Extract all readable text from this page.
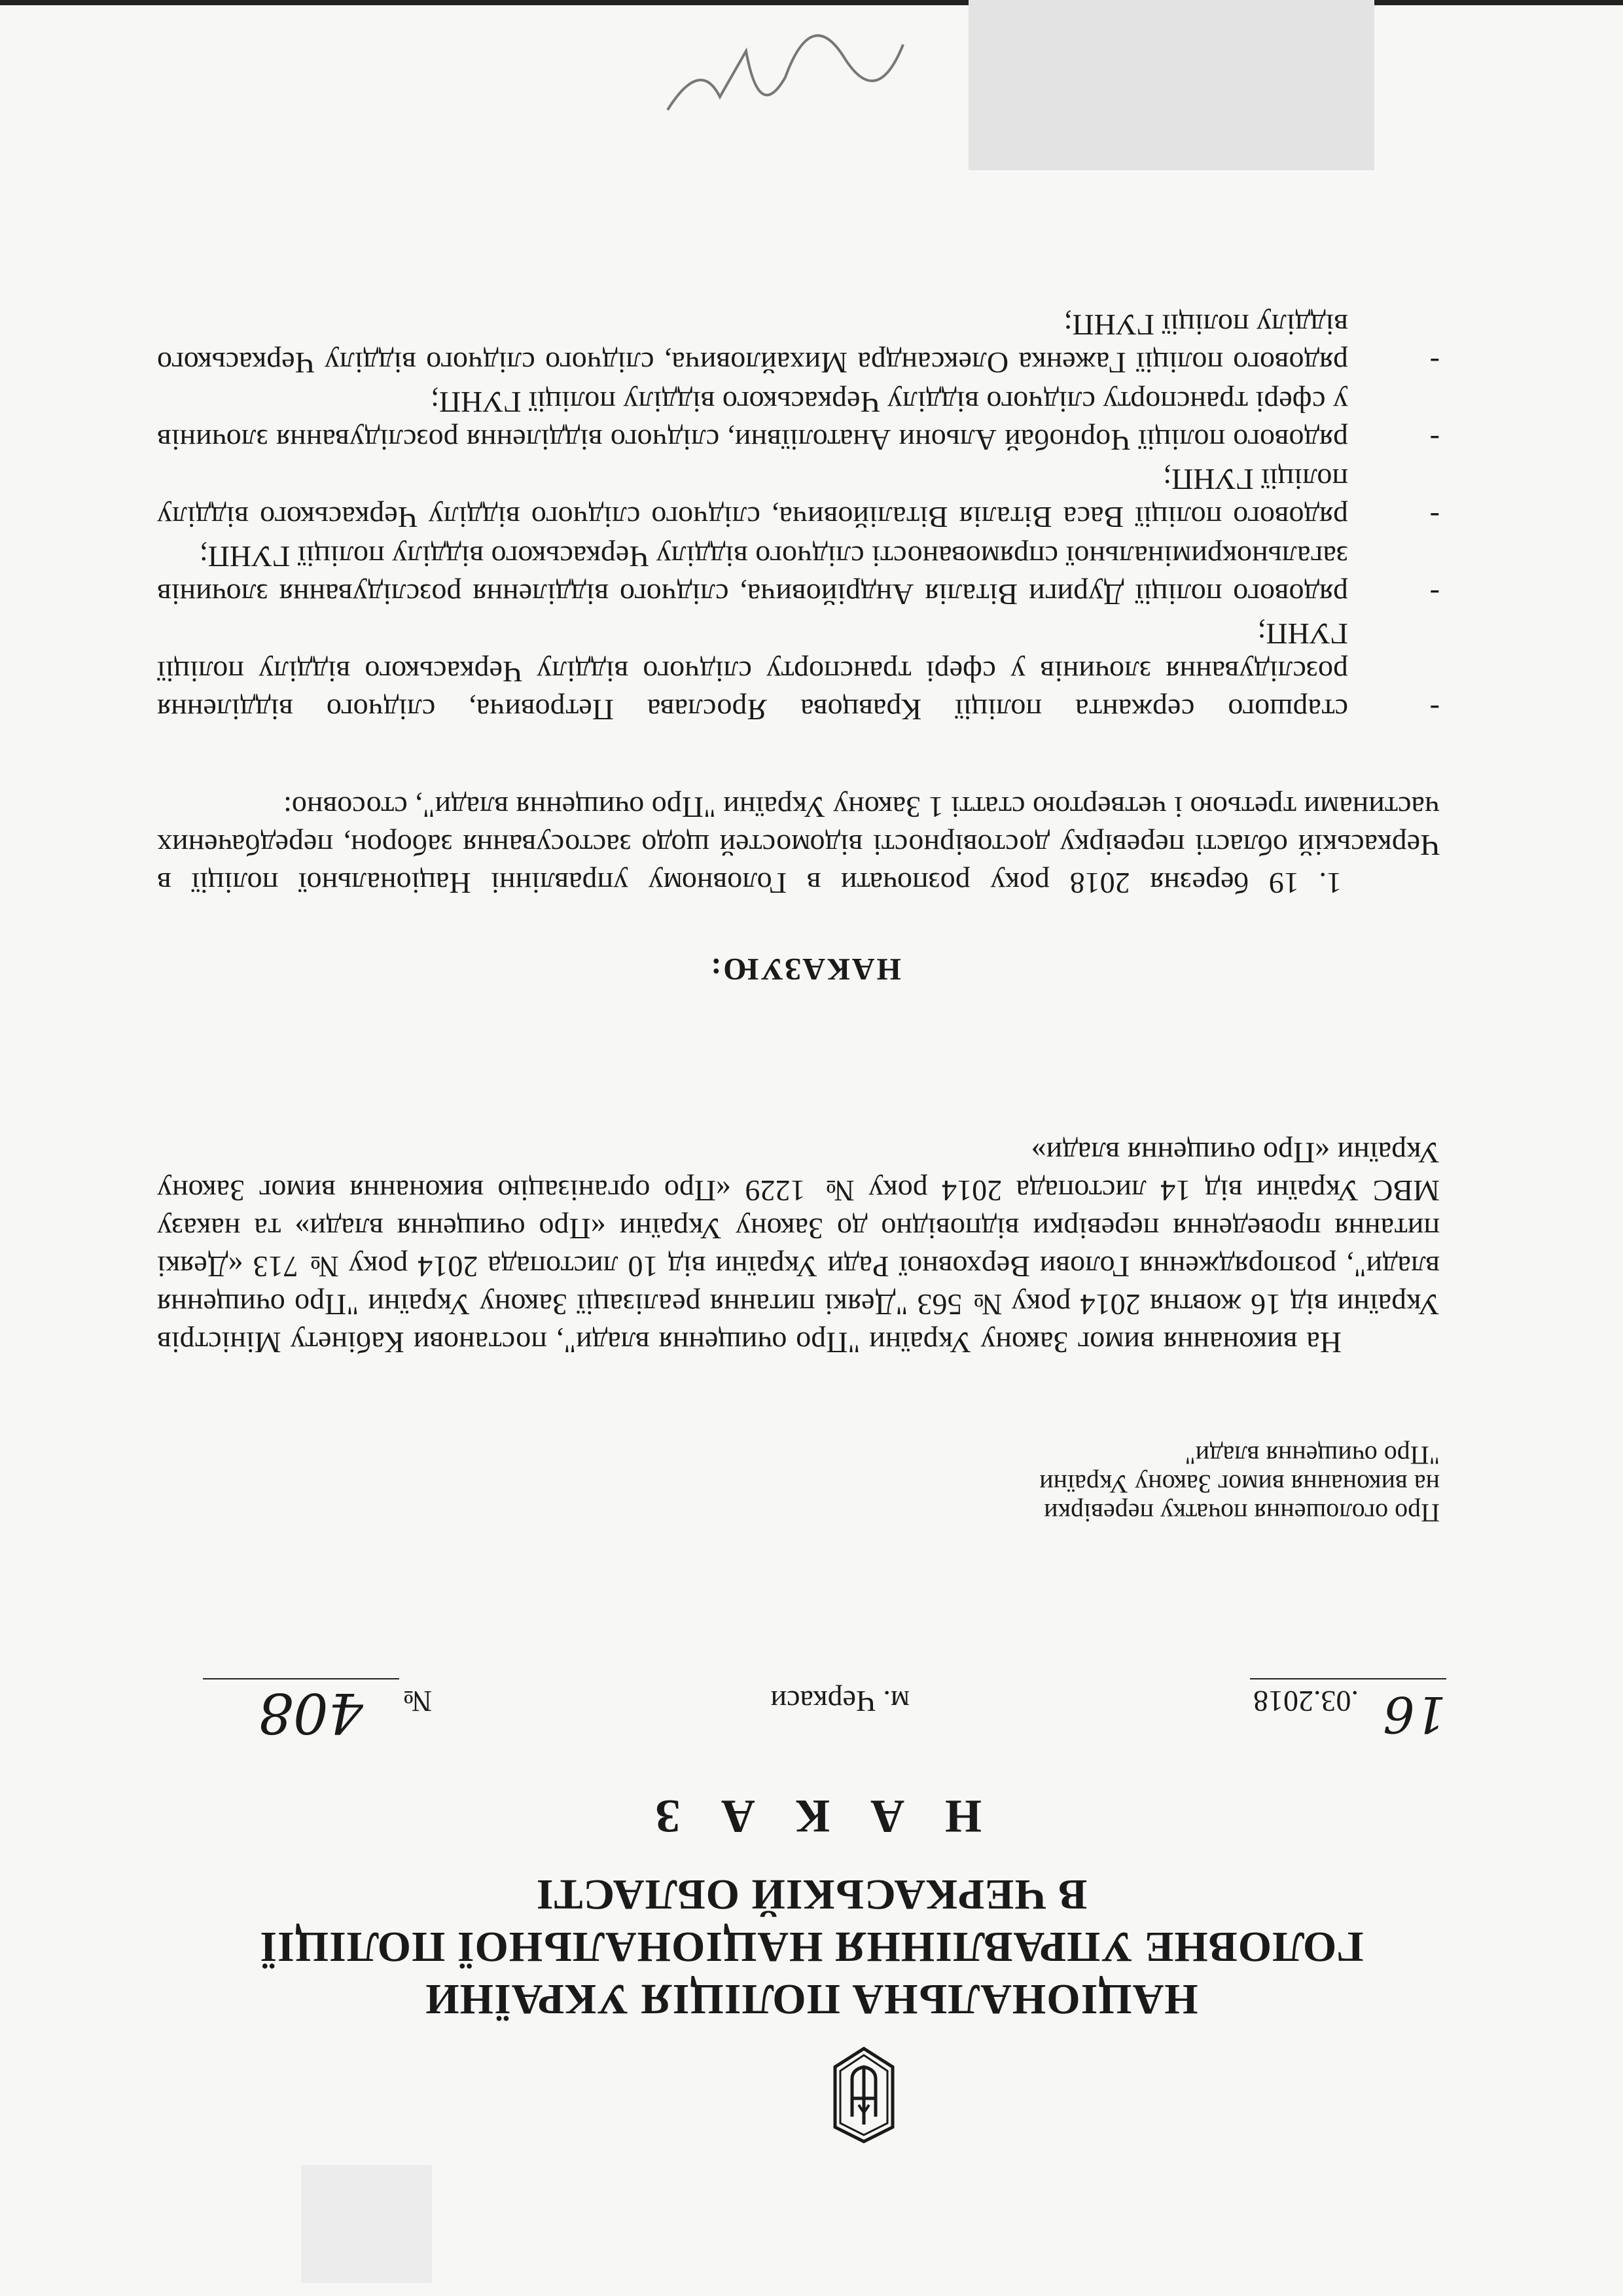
НАЦІОНАЛЬНА ПОЛІЦІЯ УКРАЇНИ
ГОЛОВНЕ УПРАВЛІННЯ НАЦІОНАЛЬНОЇ ПОЛІЦІЇ
В ЧЕРКАСЬКІЙ ОБЛАСТІ
Н А К А З
16
.03.2018
м. Черкаси
№
408
Про оголошення початку перевірки
на виконання вимог Закону України
"Про очищення влади"

На виконання вимог Закону України "Про очищення влади", постанови Кабінету Міністрів України від 16 жовтня 2014 року № 563 "Деякі питання реалізації Закону України "Про очищення влади", розпорядження Голови Верховної Ради України від 10 листопада 2014 року № 713 «Деякі питання проведення перевірки відповідно до Закону України «Про очищення влади» та наказу МВС України від 14 листопада 2014 року № 1229 «Про організацію виконання вимог Закону України «Про очищення влади»

НАКАЗУЮ:

1. 19 березня 2018 року розпочати в Головному управлінні Національної поліції в Черкаській області перевірку достовірності відомостей щодо застосування заборон, передбачених частинами третьою і четвертою статті 1 Закону України "Про очищення влади", стосовно:

-
старшого сержанта поліції Кравцова Ярослава Петровича, слідчого відділення розслідування злочинів у сфері транспорту слідчого відділу Черкаського відділу поліції ГУНП;
-
рядового поліції Дуриги Віталія Андрійовича, слідчого відділення розслідування злочинів загальнокримінальної спрямованості слідчого відділу Черкаського відділу поліції ГУНП;
-
рядового поліції Васа Віталія Віталійовича, слідчого слідчого відділу Черкаського відділу поліції ГУНП;
-
рядового поліції Чорнобай Альони Анатоліївни, слідчого відділення розслідування злочинів у сфері транспорту слідчого відділу Черкаського відділу поліції ГУНП;
-
рядового поліції Гаженка Олександра Михайловича, слідчого слідчого відділу Черкаського відділу поліції ГУНП;
